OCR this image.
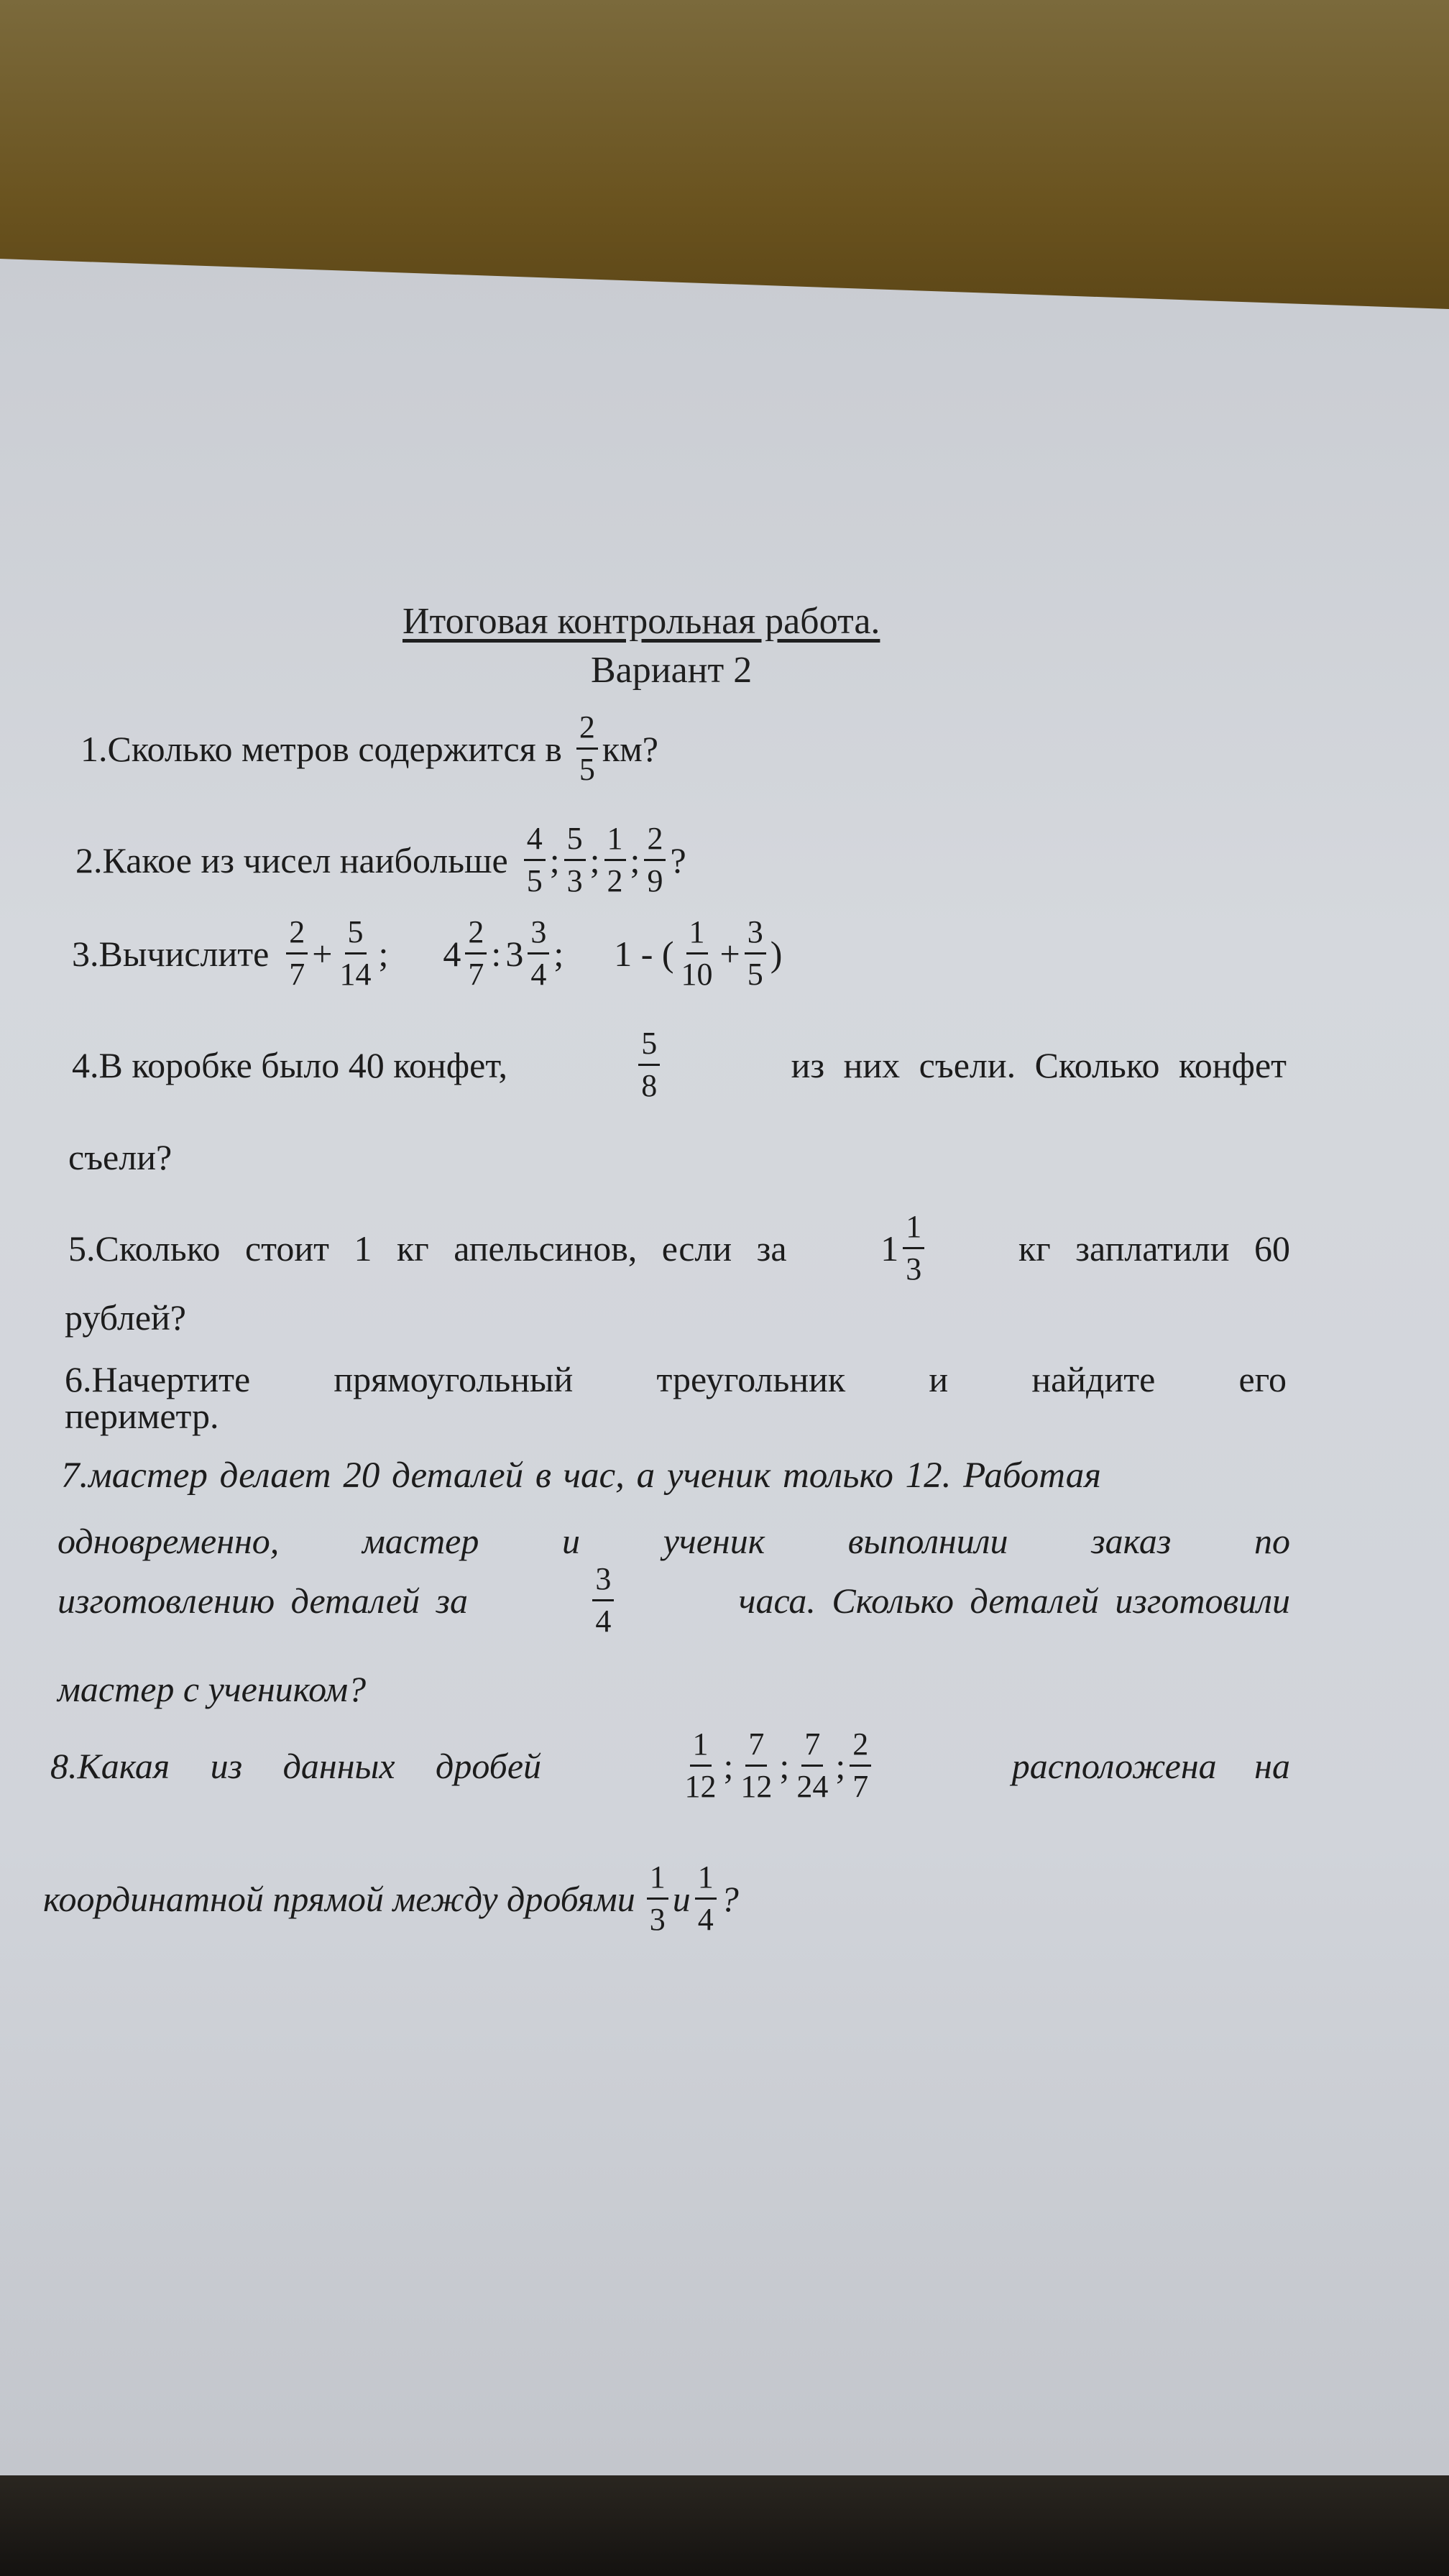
Итоговая контрольная работа.
Вариант 2
1.Сколько метров содержится в $\frac{2}{5}$ км?
2.Какое из чисел наибольше $\frac{4}{5}$ ; $\frac{5}{3}$ ; $\frac{1}{2}$ ; $\frac{2}{9}$ ?
3.Вычислите $\frac{2}{7} + \frac{5}{14}$ ; $4 \frac{2}{7}$ : $3 \frac{3}{4}$ ; 1 - ( $\frac{1}{10} + \frac{3}{5}$ )
4.В коробке было 40 конфет,	$\frac{5}{8}$	из них съели. Сколько конфет
съели?
5.Сколько стоит 1 кг апельсинов, если за	$1 \frac{1}{3}$	кг заплатили 60
рублей?
6.Начертите прямоугольный треугольник и найдите его
периметр.
7.мастер делает 20 деталей в час, а ученик только 12. Работая
одновременно, мастер и ученик выполнили заказ по
изготовлению деталей за	$\frac{3}{4}$	часа. Сколько деталей изготовили
мастер с учеником?
8.Какая из данных дробей	$\frac{1}{12}$ ; $\frac{7}{12}$ ; $\frac{7}{24}$ ; $\frac{2}{7}$	расположена на
координатной прямой между дробями $\frac{1}{3}$ и $\frac{1}{4}$ ?
